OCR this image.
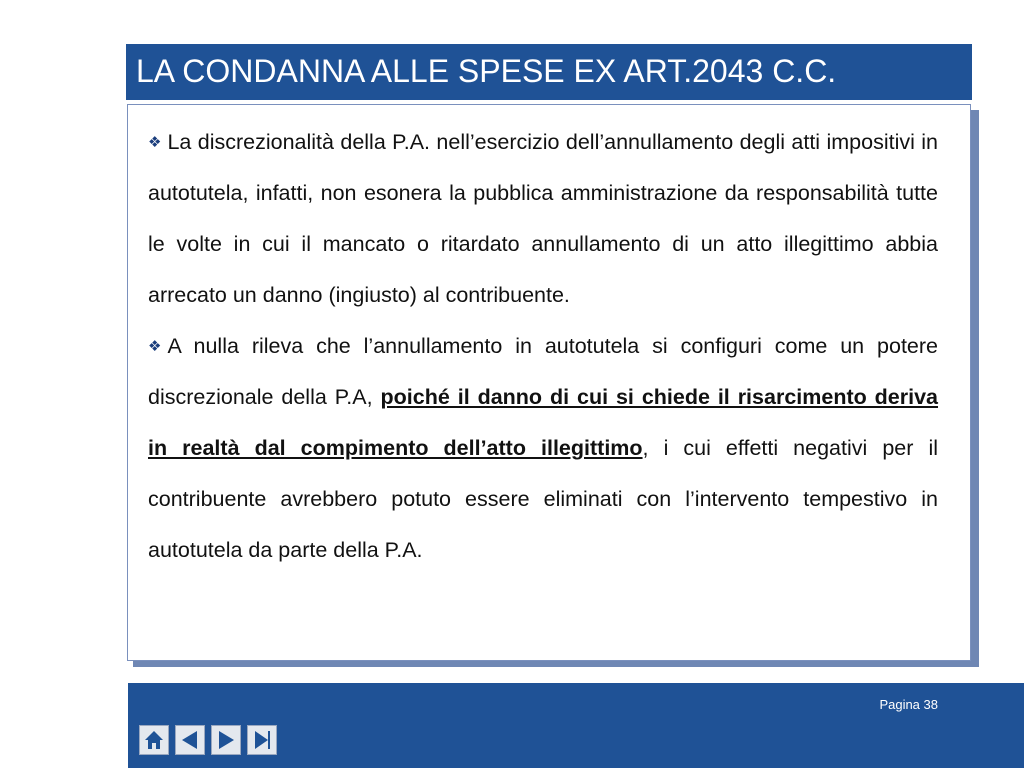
LA CONDANNA ALLE SPESE EX ART.2043 C.C.

❖ La discrezionalità della P.A. nell’esercizio dell’annullamento degli atti impositivi in autotutela, infatti, non esonera la pubblica amministrazione da responsabilità tutte le volte in cui il mancato o ritardato annullamento di un atto illegittimo abbia arrecato un danno (ingiusto) al contribuente.

❖ A nulla rileva che l’annullamento in autotutela si configuri come un potere discrezionale della P.A, poiché il danno di cui si chiede il risarcimento deriva in realtà dal compimento dell’atto illegittimo, i cui effetti negativi per il contribuente avrebbero potuto essere eliminati con l’intervento tempestivo in autotutela da parte della P.A.

Pagina 38
